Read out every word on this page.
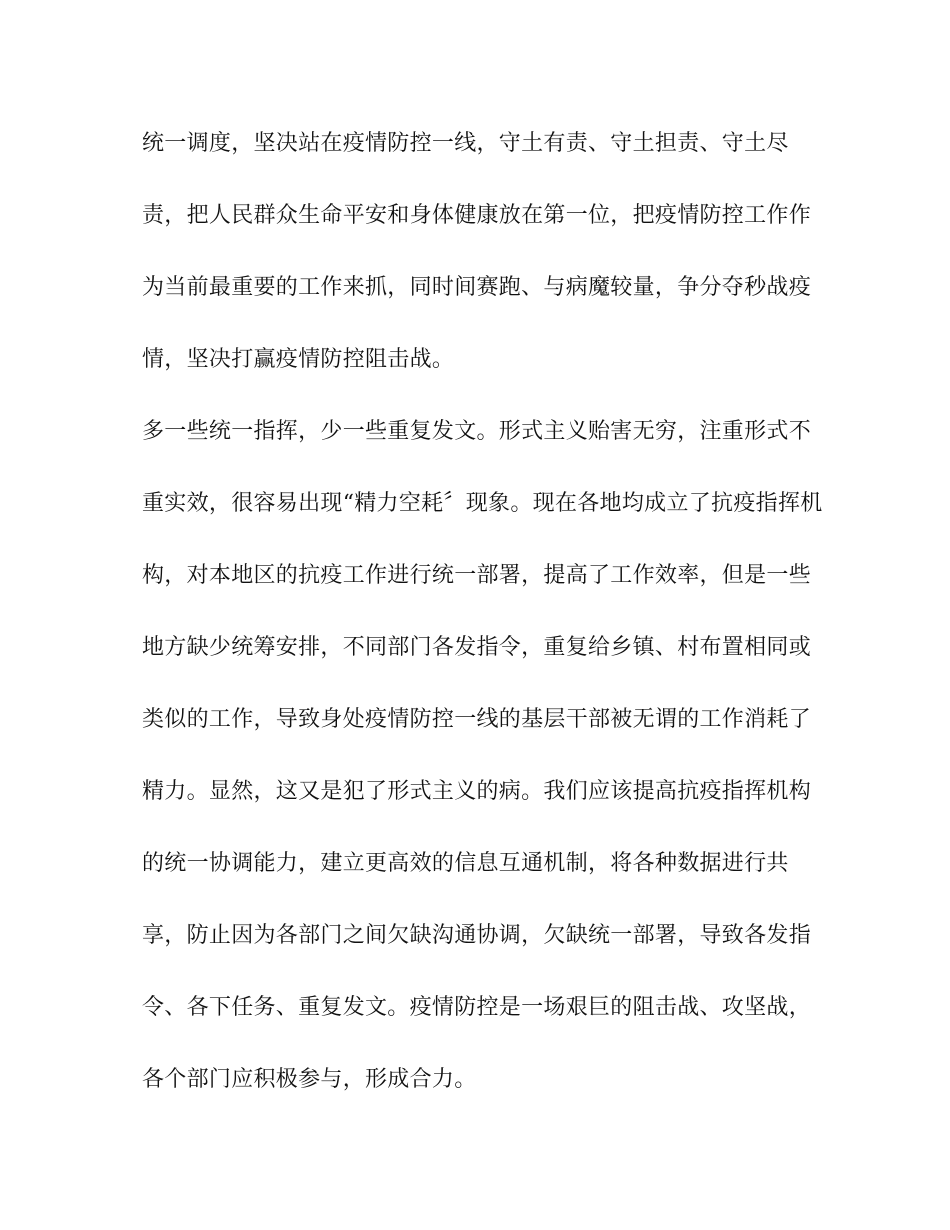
统一调度，坚决站在疫情防控一线，守土有责、守土担责、守土尽
责，把人民群众生命平安和身体健康放在第一位，把疫情防控工作作
为当前最重要的工作来抓，同时间赛跑、与病魔较量，争分夺秒战疫
情，坚决打赢疫情防控阻击战。
多一些统一指挥，少一些重复发文。形式主义贻害无穷，注重形式不
重实效，很容易出现“精力空耗〞现象。现在各地均成立了抗疫指挥机
构，对本地区的抗疫工作进行统一部署，提高了工作效率，但是一些
地方缺少统筹安排，不同部门各发指令，重复给乡镇、村布置相同或
类似的工作，导致身处疫情防控一线的基层干部被无谓的工作消耗了
精力。显然，这又是犯了形式主义的病。我们应该提高抗疫指挥机构
的统一协调能力，建立更高效的信息互通机制，将各种数据进行共
享，防止因为各部门之间欠缺沟通协调，欠缺统一部署，导致各发指
令、各下任务、重复发文。疫情防控是一场艰巨的阻击战、攻坚战，
各个部门应积极参与，形成合力。
